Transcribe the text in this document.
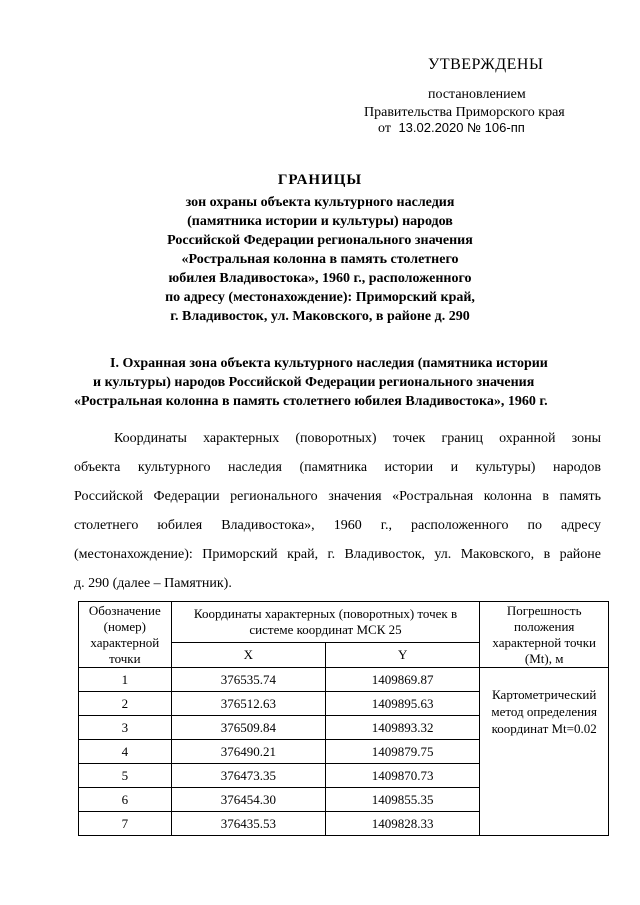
УТВЕРЖДЕНЫ
постановлением
Правительства Приморского края
от 13.02.2020 № 106-пп
ГРАНИЦЫ
зон охраны объекта культурного наследия
(памятника истории и культуры) народов
Российской Федерации регионального значения
«Ростральная колонна в память столетнего
юбилея Владивостока», 1960 г., расположенного
по адресу (местонахождение): Приморский край,
г. Владивосток, ул. Маковского, в районе д. 290
I. Охранная зона объекта культурного наследия (памятника истории
и культуры) народов Российской Федерации регионального значения
«Ростральная колонна в память столетнего юбилея Владивостока», 1960 г.
Координаты характерных (поворотных) точек границ охранной зоны
объекта культурного наследия (памятника истории и культуры) народов
Российской Федерации регионального значения «Ростральная колонна в память
столетнего юбилея Владивостока», 1960 г., расположенного по адресу
(местонахождение): Приморский край, г. Владивосток, ул. Маковского, в районе
д. 290 (далее – Памятник).
Обозначение (номер) характерной точки	Координаты характерных (поворотных) точек в системе координат МСК 25		Погрешность положения характерной точки (Mt), м
	X	Y	
1	376535.74	1409869.87	Картометрический метод определения координат Mt=0.02
2	376512.63	1409895.63	
3	376509.84	1409893.32	
4	376490.21	1409879.75	
5	376473.35	1409870.73	
6	376454.30	1409855.35	
7	376435.53	1409828.33	
